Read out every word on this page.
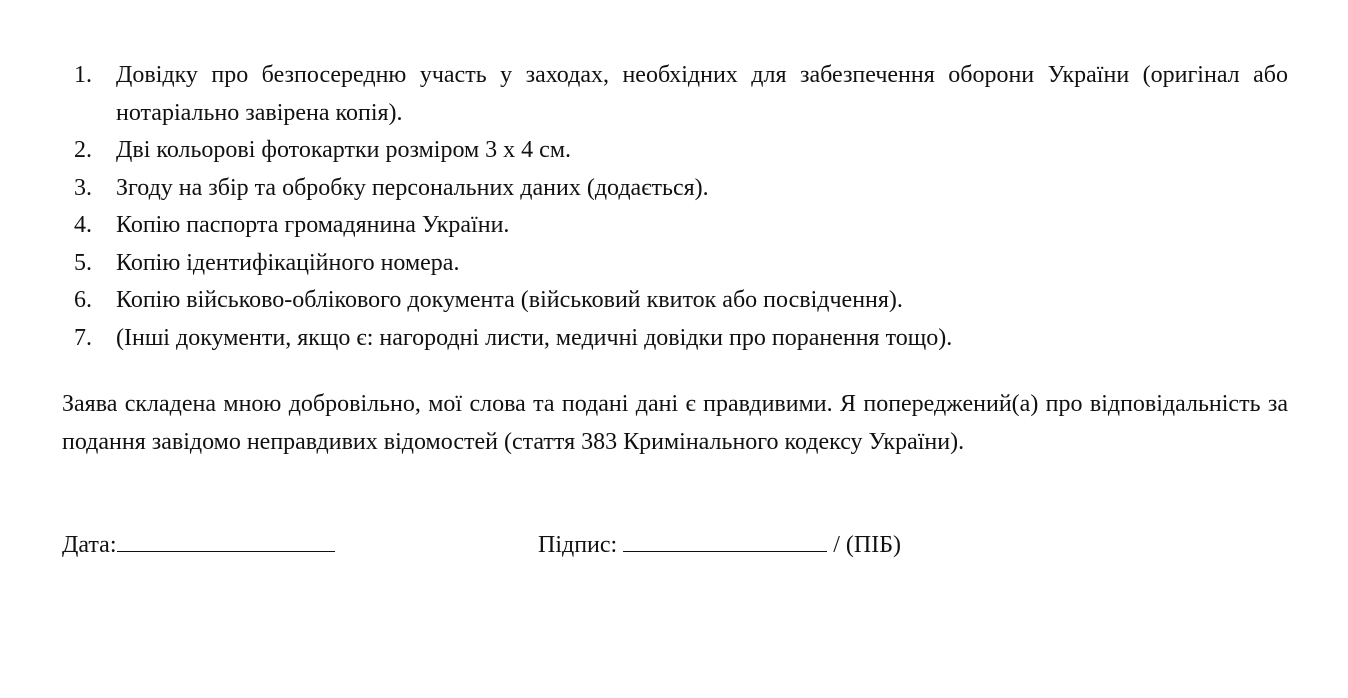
1.	Довідку про безпосередню участь у заходах, необхідних для забезпечення оборони України (оригінал або нотаріально завірена копія).
2.	Дві кольорові фотокартки розміром 3 х 4 см.
3.	Згоду на збір та обробку персональних даних (додається).
4.	Копію паспорта громадянина України.
5.	Копію ідентифікаційного номера.
6.	Копію військово-облікового документа (військовий квиток або посвідчення).
7.	(Інші документи, якщо є: нагородні листи, медичні довідки про поранення тощо).

Заява складена мною добровільно, мої слова та подані дані є правдивими. Я попереджений(а) про відповідальність за подання завідомо неправдивих відомостей (стаття 383 Кримінального кодексу України).

Дата:	Підпис:	/ (ПІБ)
